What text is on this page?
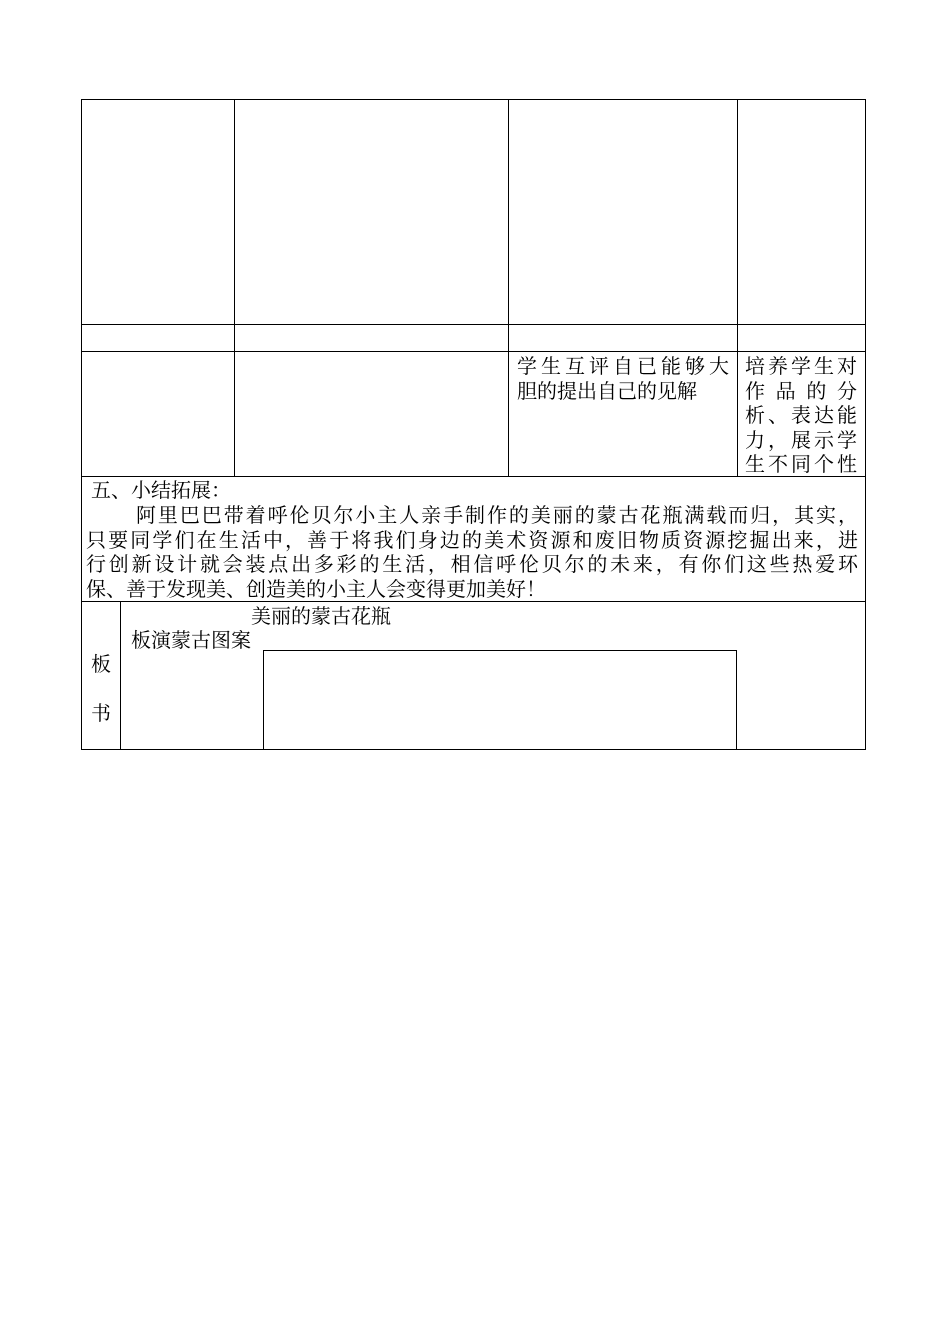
学生互评自已能够大
胆的提出自己的见解
培养学生对
作品的分
析、表达能
力，展示学
生不同个性
五、小结拓展：
阿里巴巴带着呼伦贝尔小主人亲手制作的美丽的蒙古花瓶满载而归，其实，
只要同学们在生活中，善于将我们身边的美术资源和废旧物质资源挖掘出来，进
行创新设计就会装点出多彩的生活，相信呼伦贝尔的未来，有你们这些热爱环
保、善于发现美、创造美的小主人会变得更加美好！
板
书
美丽的蒙古花瓶
板演蒙古图案
